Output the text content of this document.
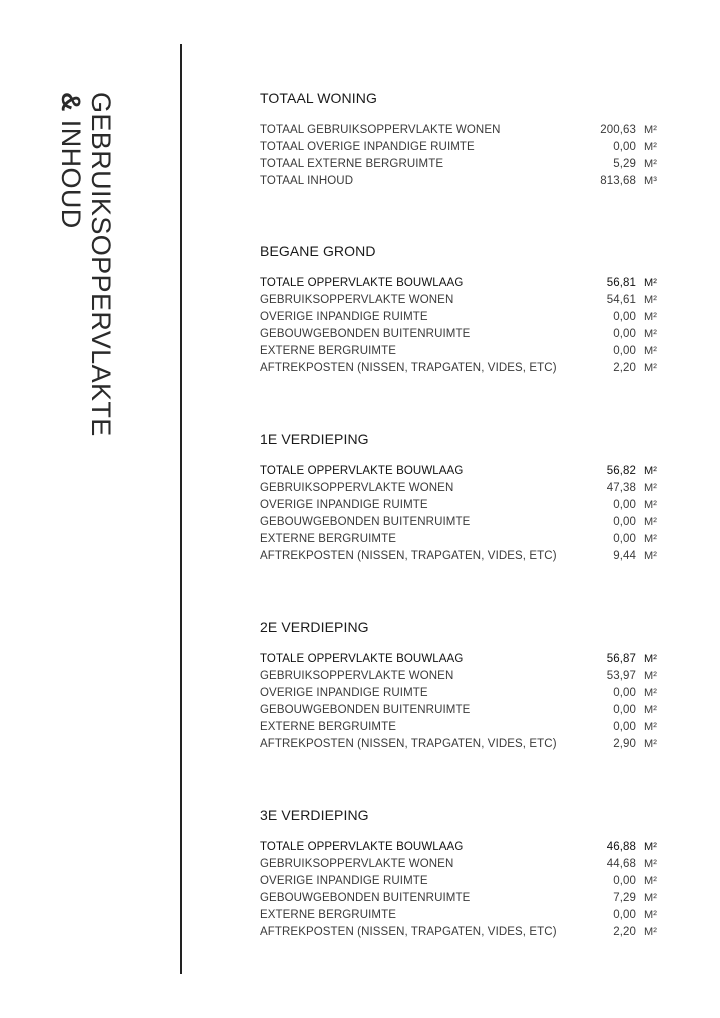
GEBRUIKSOPPERVLAKTE
& INHOUD
TOTAAL WONING
TOTAAL GEBRUIKSOPPERVLAKTE WONEN	200,63 M²
TOTAAL OVERIGE INPANDIGE RUIMTE	0,00 M²
TOTAAL EXTERNE BERGRUIMTE	5,29 M²
TOTAAL INHOUD	813,68 M³
BEGANE GROND
TOTALE OPPERVLAKTE BOUWLAAG	56,81 M²
GEBRUIKSOPPERVLAKTE WONEN	54,61 M²
OVERIGE INPANDIGE RUIMTE	0,00 M²
GEBOUWGEBONDEN BUITENRUIMTE	0,00 M²
EXTERNE BERGRUIMTE	0,00 M²
AFTREKPOSTEN (NISSEN, TRAPGATEN, VIDES, ETC)	2,20 M²
1E VERDIEPING
TOTALE OPPERVLAKTE BOUWLAAG	56,82 M²
GEBRUIKSOPPERVLAKTE WONEN	47,38 M²
OVERIGE INPANDIGE RUIMTE	0,00 M²
GEBOUWGEBONDEN BUITENRUIMTE	0,00 M²
EXTERNE BERGRUIMTE	0,00 M²
AFTREKPOSTEN (NISSEN, TRAPGATEN, VIDES, ETC)	9,44 M²
2E VERDIEPING
TOTALE OPPERVLAKTE BOUWLAAG	56,87 M²
GEBRUIKSOPPERVLAKTE WONEN	53,97 M²
OVERIGE INPANDIGE RUIMTE	0,00 M²
GEBOUWGEBONDEN BUITENRUIMTE	0,00 M²
EXTERNE BERGRUIMTE	0,00 M²
AFTREKPOSTEN (NISSEN, TRAPGATEN, VIDES, ETC)	2,90 M²
3E VERDIEPING
TOTALE OPPERVLAKTE BOUWLAAG	46,88 M²
GEBRUIKSOPPERVLAKTE WONEN	44,68 M²
OVERIGE INPANDIGE RUIMTE	0,00 M²
GEBOUWGEBONDEN BUITENRUIMTE	7,29 M²
EXTERNE BERGRUIMTE	0,00 M²
AFTREKPOSTEN (NISSEN, TRAPGATEN, VIDES, ETC)	2,20 M²
